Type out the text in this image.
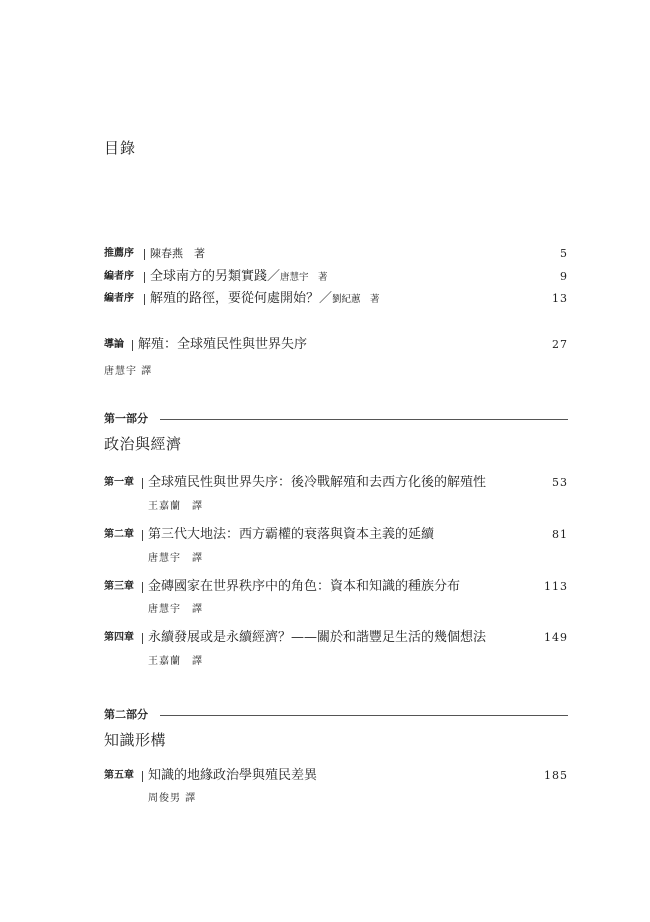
目錄
推薦序 陳春燕　著	5
編者序 全球南方的另類實踐／唐慧宇　著	9
編者序 解殖的路徑，要從何處開始？／劉紀蕙　著	13
導論 解殖：全球殖民性與世界失序	27
唐慧宇 譯
第一部分
政治與經濟
第一章 全球殖民性與世界失序：後冷戰解殖和去西方化後的解殖性	53
王嘉蘭　譯
第二章 第三代大地法：西方霸權的衰落與資本主義的延續	81
唐慧宇　譯
第三章 金磚國家在世界秩序中的角色：資本和知識的種族分布	113
唐慧宇　譯
第四章 永續發展或是永續經濟？——關於和諧豐足生活的幾個想法	149
王嘉蘭　譯
第二部分
知識形構
第五章 知識的地緣政治學與殖民差異	185
周俊男 譯
